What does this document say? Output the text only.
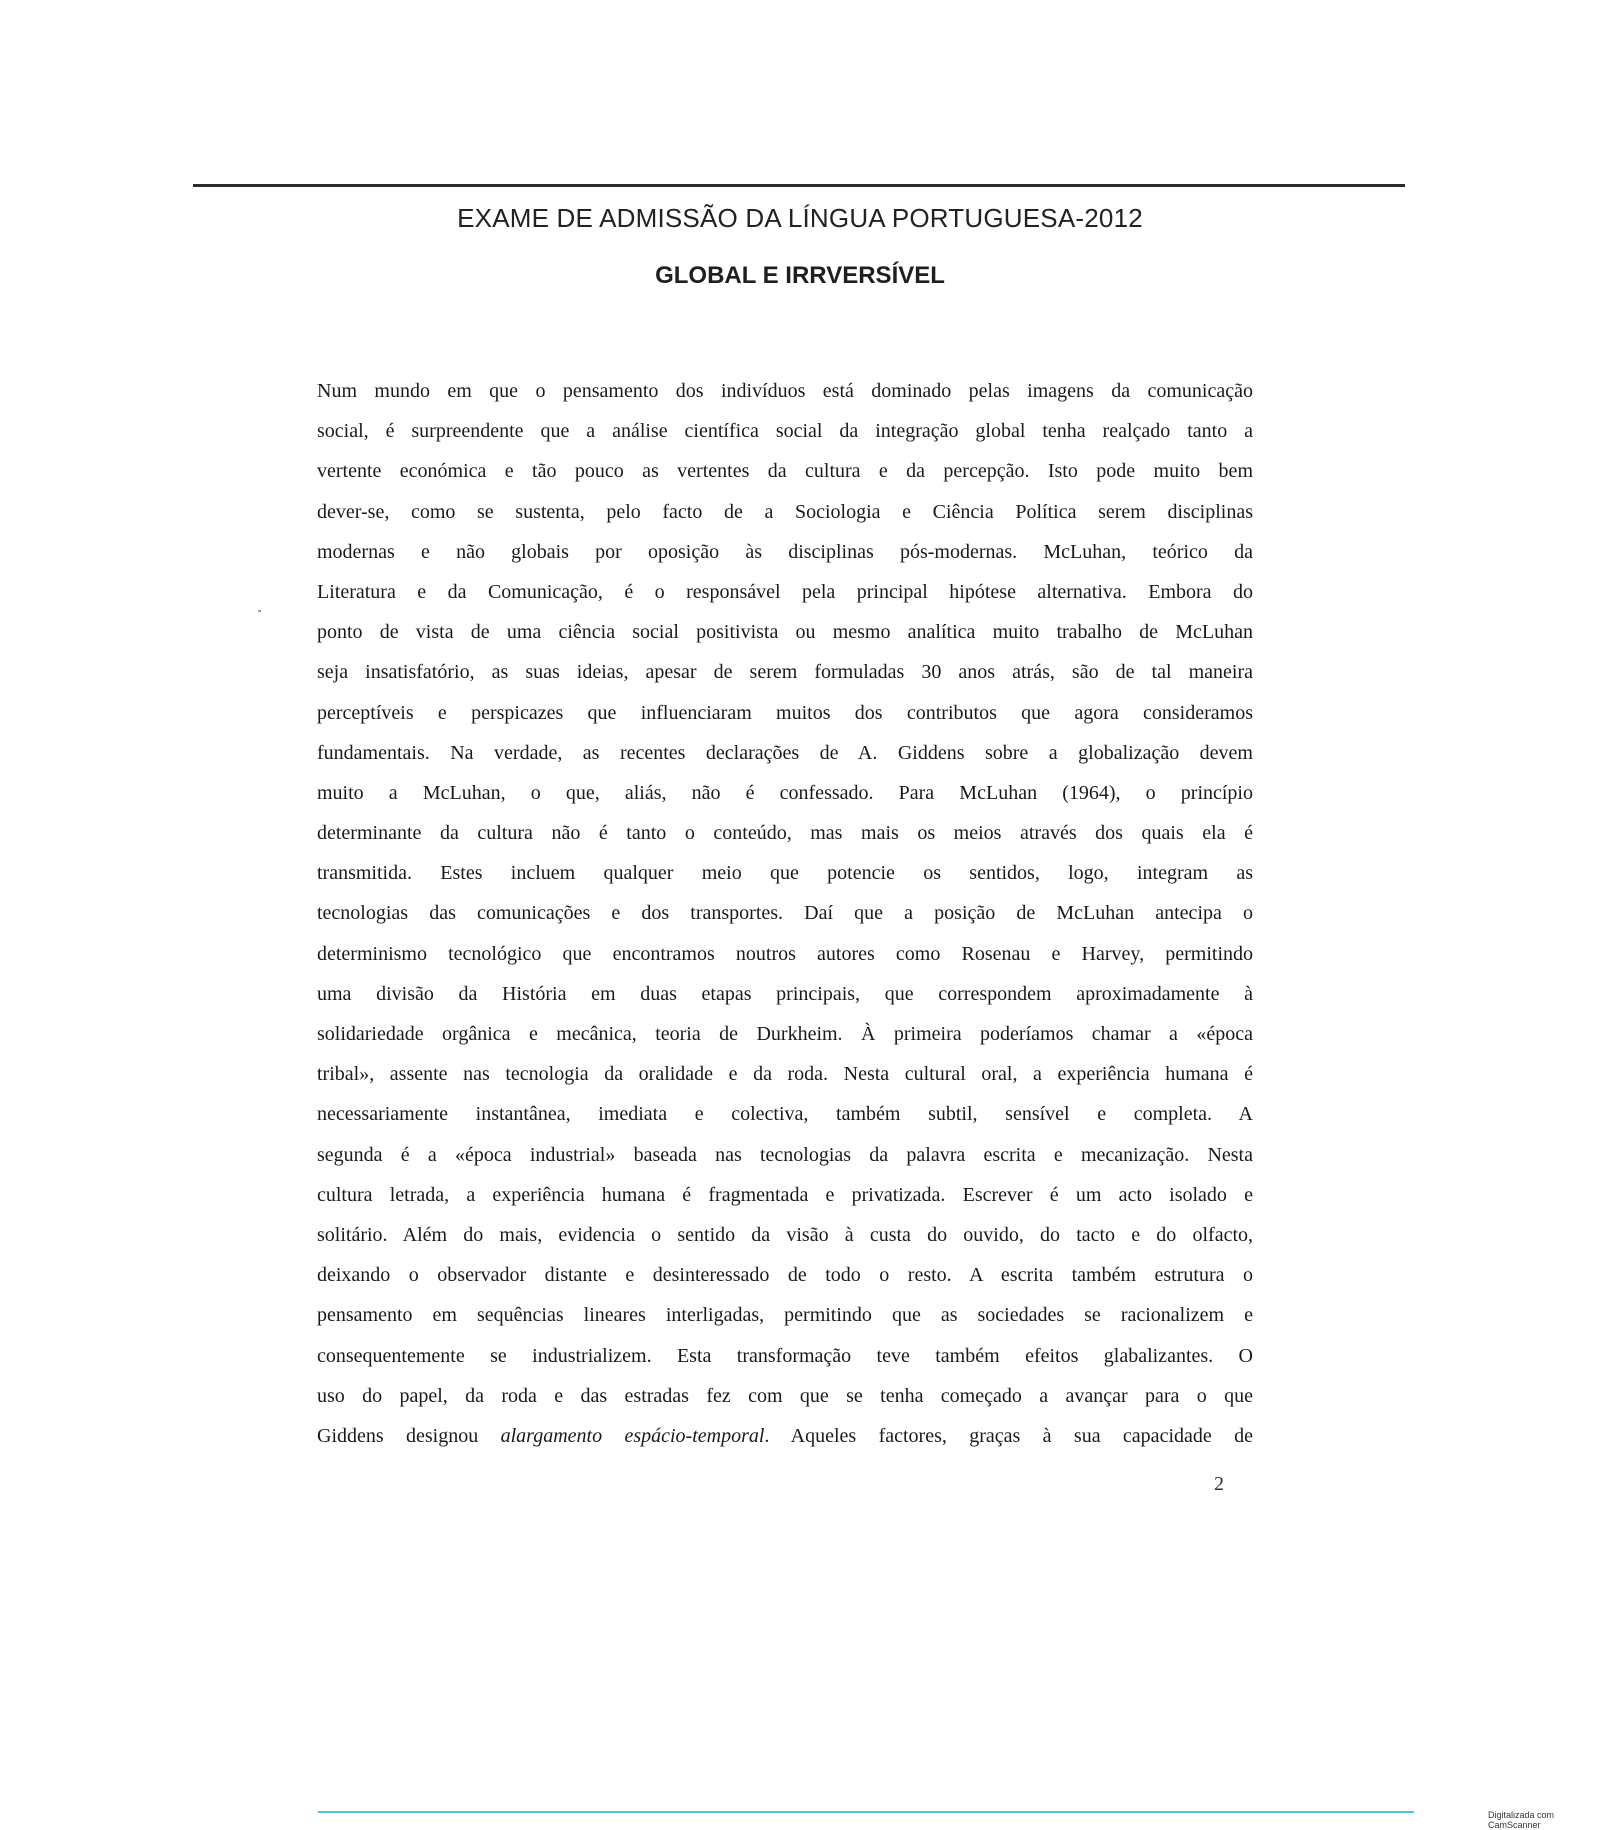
EXAME DE ADMISSÃO DA LÍNGUA PORTUGUESA-2012
GLOBAL E IRRVERSÍVEL
Num mundo em que o pensamento dos indivíduos está dominado pelas imagens da comunicação
social, é surpreendente que a análise científica social da integração global tenha realçado tanto a
vertente económica e tão pouco as vertentes da cultura e da percepção. Isto pode muito bem
dever-se, como se sustenta, pelo facto de a Sociologia e Ciência Política serem disciplinas
modernas e não globais por oposição às disciplinas pós-modernas. McLuhan, teórico da
Literatura e da Comunicação, é o responsável pela principal hipótese alternativa. Embora do
ponto de vista de uma ciência social positivista ou mesmo analítica muito trabalho de McLuhan
seja insatisfatório, as suas ideias, apesar de serem formuladas 30 anos atrás, são de tal maneira
perceptíveis e perspicazes que influenciaram muitos dos contributos que agora consideramos
fundamentais. Na verdade, as recentes declarações de A. Giddens sobre a globalização devem
muito a McLuhan, o que, aliás, não é confessado. Para McLuhan (1964), o princípio
determinante da cultura não é tanto o conteúdo, mas mais os meios através dos quais ela é
transmitida. Estes incluem qualquer meio que potencie os sentidos, logo, integram as
tecnologias das comunicações e dos transportes. Daí que a posição de McLuhan antecipa o
determinismo tecnológico que encontramos noutros autores como Rosenau e Harvey, permitindo
uma divisão da História em duas etapas principais, que correspondem aproximadamente à
solidariedade orgânica e mecânica, teoria de Durkheim. À primeira poderíamos chamar a «época
tribal», assente nas tecnologia da oralidade e da roda. Nesta cultural oral, a experiência humana é
necessariamente instantânea, imediata e colectiva, também subtil, sensível e completa. A
segunda é a «época industrial» baseada nas tecnologias da palavra escrita e mecanização. Nesta
cultura letrada, a experiência humana é fragmentada e privatizada. Escrever é um acto isolado e
solitário. Além do mais, evidencia o sentido da visão à custa do ouvido, do tacto e do olfacto,
deixando o observador distante e desinteressado de todo o resto. A escrita também estrutura o
pensamento em sequências lineares interligadas, permitindo que as sociedades se racionalizem e
consequentemente se industrializem. Esta transformação teve também efeitos glabalizantes. O
uso do papel, da roda e das estradas fez com que se tenha começado a avançar para o que
Giddens designou alargamento espácio-temporal. Aqueles factores, graças à sua capacidade de
2
Digitalizada com CamScanner
